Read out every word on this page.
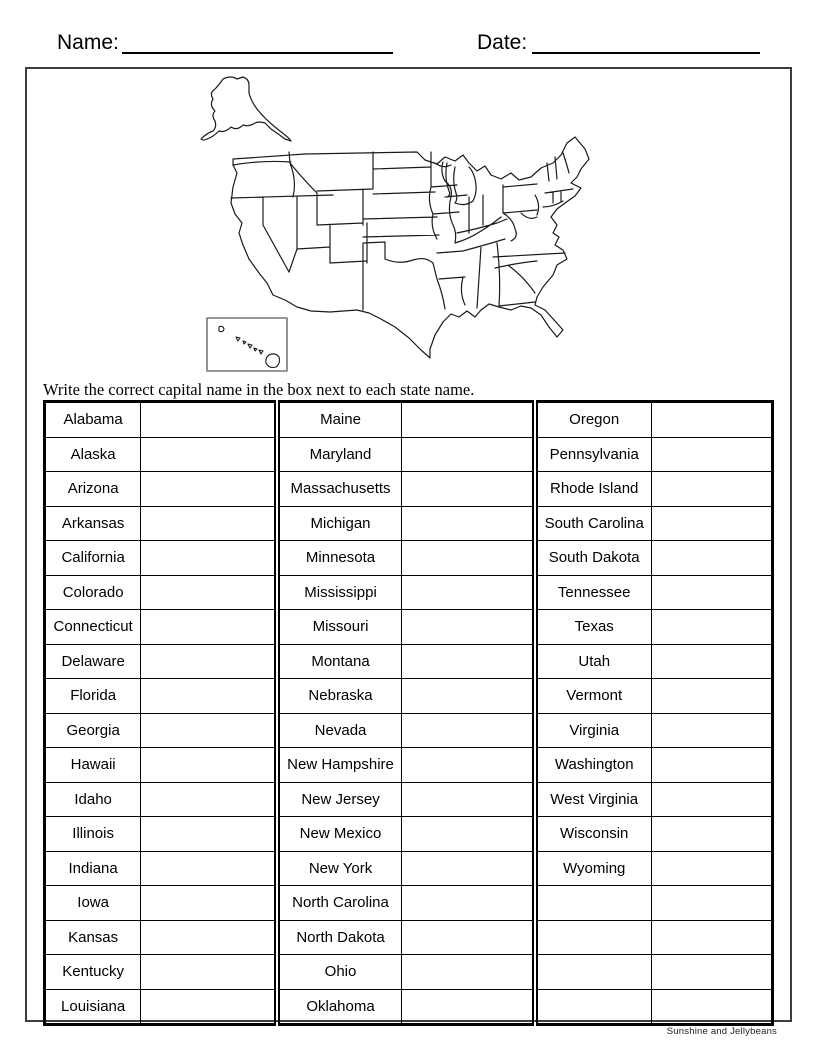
Name:	Date:
Write the correct capital name in the box next to each state name.
Alabama		Maine		Oregon	
Alaska		Maryland		Pennsylvania	
Arizona		Massachusetts		Rhode Island	
Arkansas		Michigan		South Carolina	
California		Minnesota		South Dakota	
Colorado		Mississippi		Tennessee	
Connecticut		Missouri		Texas	
Delaware		Montana		Utah	
Florida		Nebraska		Vermont	
Georgia		Nevada		Virginia	
Hawaii		New Hampshire		Washington	
Idaho		New Jersey		West Virginia	
Illinois		New Mexico		Wisconsin	
Indiana		New York		Wyoming	
Iowa		North Carolina			
Kansas		North Dakota			
Kentucky		Ohio			
Louisiana		Oklahoma			
Sunshine and Jellybeans
